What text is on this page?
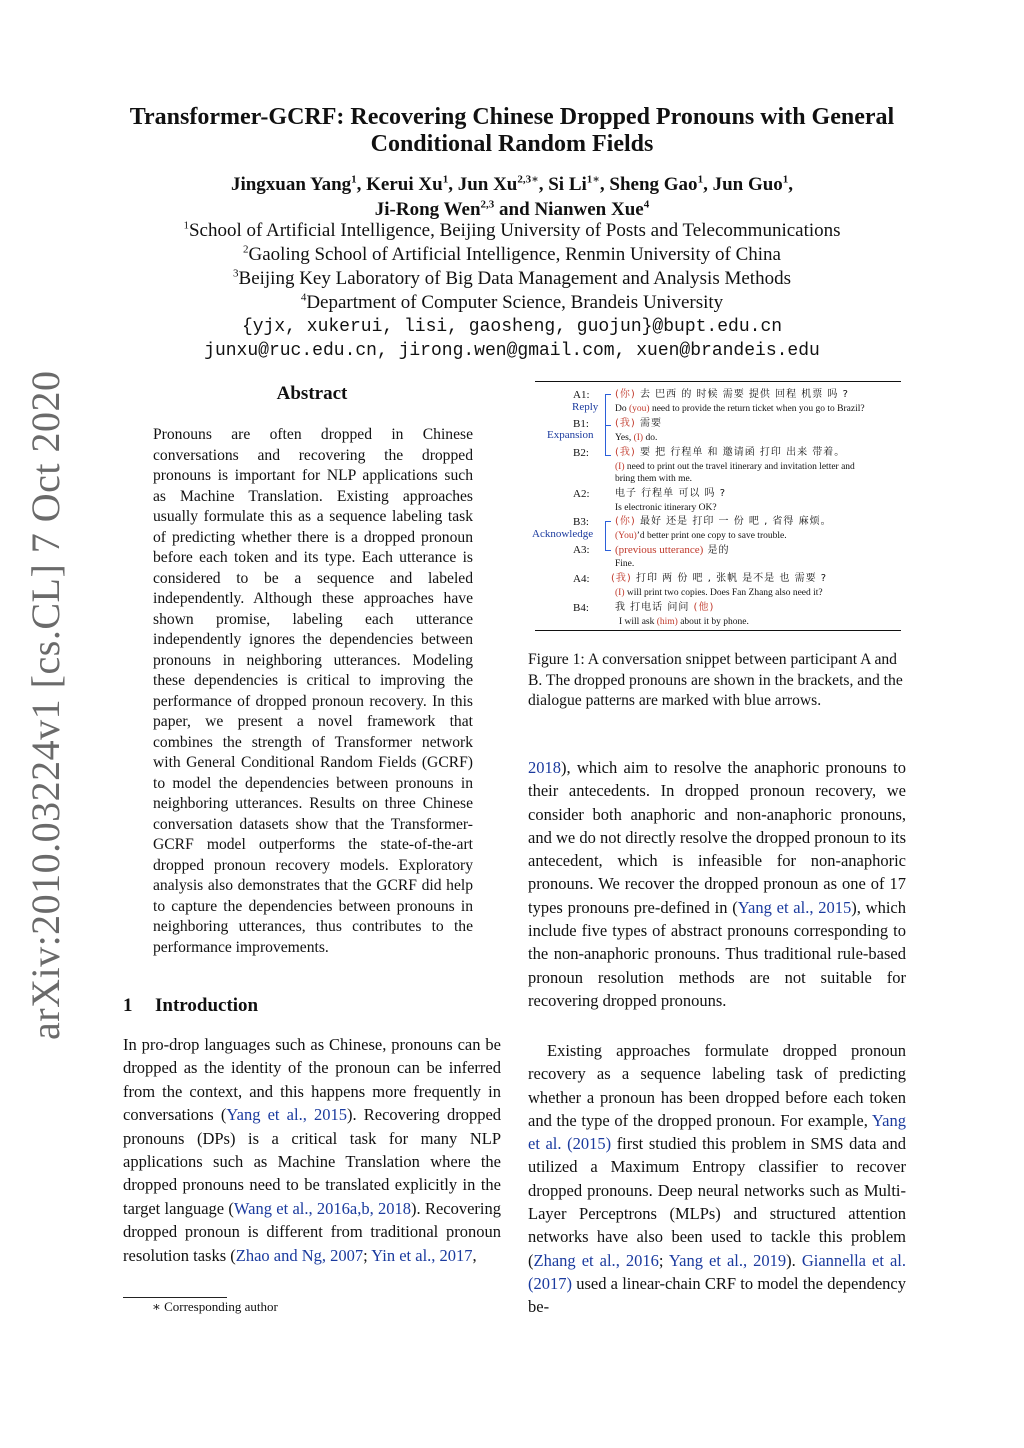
arXiv:2010.03224v1 [cs.CL] 7 Oct 2020
Transformer-GCRF: Recovering Chinese Dropped Pronouns with General Conditional Random Fields
Jingxuan Yang$^1$, Kerui Xu$^1$, Jun $Xu^{2,3∗}$, Si $Li^{1∗}$, Sheng Gao$^1$, Jun Guo$^1$,
Ji-Rong Wen$^{2,3}$ and Nianwen Xue$^4$
$^1$School of Artificial Intelligence, Beijing University of Posts and Telecommunications
$^2$Gaoling School of Artificial Intelligence, Renmin University of China
$^3$Beijing Key Laboratory of Big Data Management and Analysis Methods
$^4$Department of Computer Science, Brandeis University
{yjx, xukerui, lisi, gaosheng, guojun}@bupt.edu.cn
junxu@ruc.edu.cn, jirong.wen@gmail.com, xuen@brandeis.edu
Abstract
Pronouns are often dropped in Chinese conversations and recovering the dropped pronouns is important for NLP applications such as Machine Translation. Existing approaches usually formulate this as a sequence labeling task of predicting whether there is a dropped pronoun before each token and its type. Each utterance is considered to be a sequence and labeled independently. Although these approaches have shown promise, labeling each utterance independently ignores the dependencies between pronouns in neighboring utterances. Modeling these dependencies is critical to improving the performance of dropped pronoun recovery. In this paper, we present a novel framework that combines the strength of Transformer network with General Conditional Random Fields (GCRF) to model the dependencies between pronouns in neighboring utterances. Results on three Chinese conversation datasets show that the Transformer-GCRF model outperforms the state-of-the-art dropped pronoun recovery models. Exploratory analysis also demonstrates that the GCRF did help to capture the dependencies between pronouns in neighboring utterances, thus contributes to the performance improvements.
1 Introduction
In pro-drop languages such as Chinese, pronouns can be dropped as the identity of the pronoun can be inferred from the context, and this happens more frequently in conversations (Yang et al., 2015). Recovering dropped pronouns (DPs) is a critical task for many NLP applications such as Machine Translation where the dropped pronouns need to be translated explicitly in the target language (Wang et al., 2016a,b, 2018). Recovering dropped pronoun is different from traditional pronoun resolution tasks (Zhao and Ng, 2007; Yin et al., 2017,
∗ Corresponding author
Reply
Expansion
Acknowledge
A1:	(你) 去 巴西 的 时候 需要 提供 回程 机票 吗 ?
Do (you) need to provide the return ticket when you go to Brazil?
B1:	(我) 需要
Yes, (I) do.
B2:	(我) 要 把 行程单 和 邀请函 打印 出来 带着。
(I) need to print out the travel itinerary and invitation letter and
bring them with me.
A2:	电子 行程单 可以 吗 ?
Is electronic itinerary OK?
B3:	(你) 最好 还是 打印 一 份 吧 , 省得 麻烦。
(You)’d better print one copy to save trouble.
A3: (previous utterance) 是的
Fine.
A4: (我) 打印 两 份 吧 , 张帆 是不是 也 需要 ?
(I) will print two copies. Does Fan Zhang also need it?
B4:	我 打电话 问问 (他)
I will ask (him) about it by phone.
Figure 1: A conversation snippet between participant A and B. The dropped pronouns are shown in the brackets, and the dialogue patterns are marked with blue arrows.
2018), which aim to resolve the anaphoric pronouns to their antecedents. In dropped pronoun recovery, we consider both anaphoric and non-anaphoric pronouns, and we do not directly resolve the dropped pronoun to its antecedent, which is infeasible for non-anaphoric pronouns. We recover the dropped pronoun as one of 17 types pronouns pre-defined in (Yang et al., 2015), which include five types of abstract pronouns corresponding to the non-anaphoric pronouns. Thus traditional rule-based pronoun resolution methods are not suitable for recovering dropped pronouns.
Existing approaches formulate dropped pronoun recovery as a sequence labeling task of predicting whether a pronoun has been dropped before each token and the type of the dropped pronoun. For example, Yang et al. (2015) first studied this problem in SMS data and utilized a Maximum Entropy classifier to recover dropped pronouns. Deep neural networks such as Multi-Layer Perceptrons (MLPs) and structured attention networks have also been used to tackle this problem (Zhang et al., 2016; Yang et al., 2019). Giannella et al. (2017) used a linear-chain CRF to model the dependency be-
